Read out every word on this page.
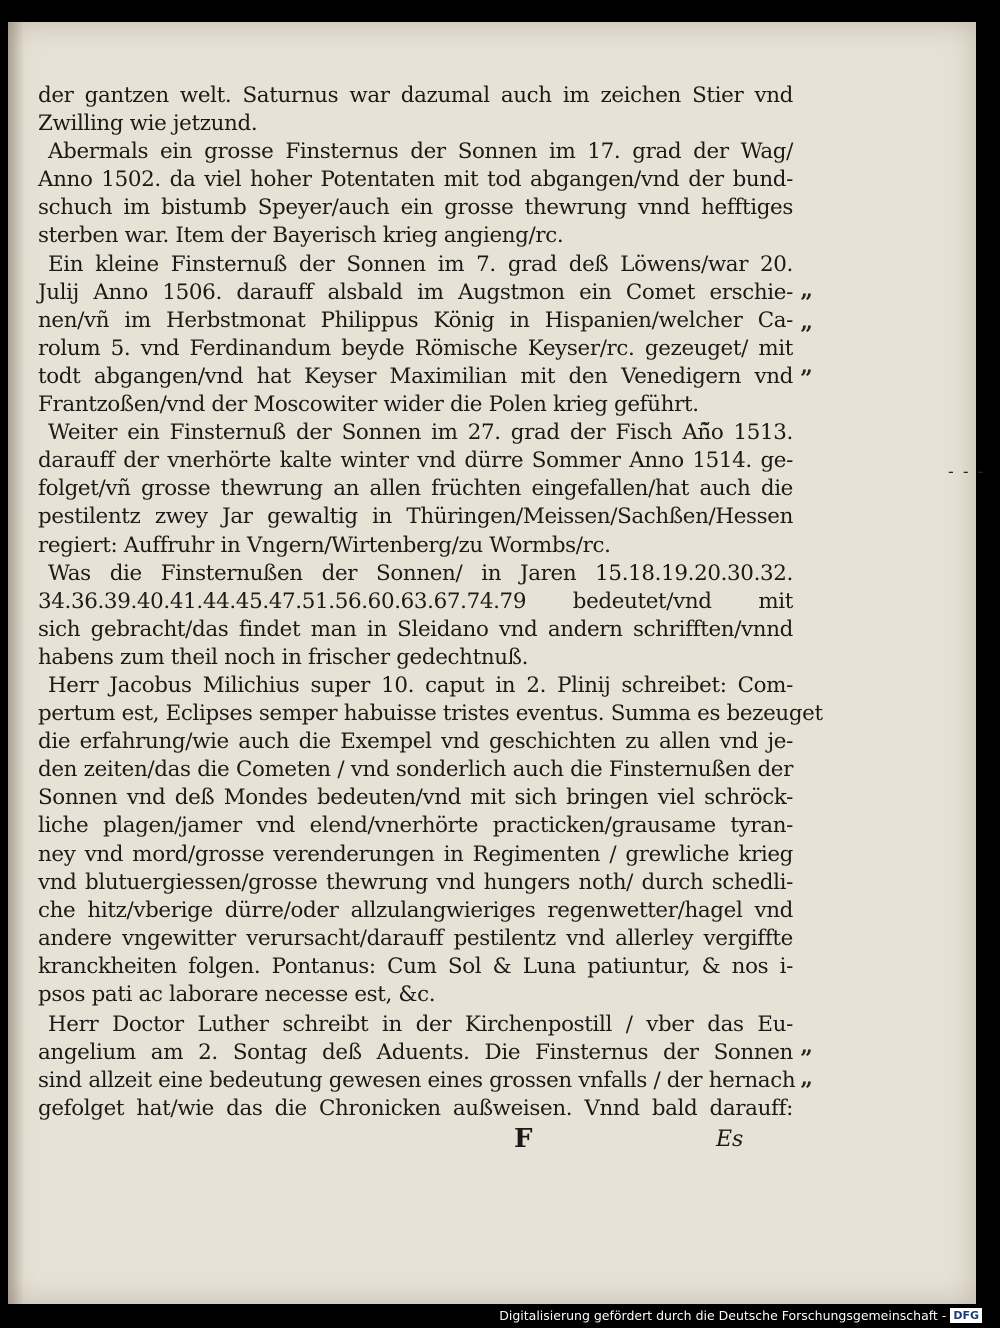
der gantzen welt. Saturnus war dazumal auch im zeichen Stier vnd
Zwilling wie jetzund.
Abermals ein grosse Finsternus der Sonnen im 17. grad der Wag/
Anno 1502. da viel hoher Potentaten mit tod abgangen/vnd der bund-
schuch im bistumb Speyer/auch ein grosse thewrung vnnd hefftiges
sterben war. Item der Bayerisch krieg angieng/rc.
Ein kleine Finsternuß der Sonnen im 7. grad deß Löwens/war 20.
Julij Anno 1506. darauff alsbald im Augstmon ein Comet erschie-
nen/vñ im Herbstmonat Philippus König in Hispanien/welcher Ca-
rolum 5. vnd Ferdinandum beyde Römische Keyser/rc. gezeuget/ mit
todt abgangen/vnd hat Keyser Maximilian mit den Venedigern vnd
Frantzoßen/vnd der Moscowiter wider die Polen krieg geführt.
Weiter ein Finsternuß der Sonnen im 27. grad der Fisch Añ̃o 1513.
darauff der vnerhörte kalte winter vnd dürre Sommer Anno 1514. ge-
folget/vñ grosse thewrung an allen früchten eingefallen/hat auch die
pestilentz zwey Jar gewaltig in Thüringen/Meissen/Sachßen/Hessen
regiert: Auffruhr in Vngern/Wirtenberg/zu Wormbs/rc.
Was die Finsternußen der Sonnen/ in Jaren 15.18.19.20.30.32.
34.36.39.40.41.44.45.47.51.56.60.63.67.74.79 bedeutet/vnd mit
sich gebracht/das findet man in Sleidano vnd andern schrifften/vnnd
habens zum theil noch in frischer gedechtnuß.
Herr Jacobus Milichius super 10. caput in 2. Plinij schreibet: Com-
pertum est, Eclipses semper habuisse tristes eventus. Summa es bezeuget
die erfahrung/wie auch die Exempel vnd geschichten zu allen vnd je-
den zeiten/das die Cometen / vnd sonderlich auch die Finsternußen der
Sonnen vnd deß Mondes bedeuten/vnd mit sich bringen viel schröck-
liche plagen/jamer vnd elend/vnerhörte practicken/grausame tyran-
ney vnd mord/grosse verenderungen in Regimenten / grewliche krieg
vnd blutuergiessen/grosse thewrung vnd hungers noth/ durch schedli-
che hitz/vberige dürre/oder allzulangwieriges regenwetter/hagel vnd
andere vngewitter verursacht/darauff pestilentz vnd allerley vergiffte
kranckheiten folgen. Pontanus: Cum Sol & Luna patiuntur, & nos i-
psos pati ac laborare necesse est, &c.
Herr Doctor Luther schreibt in der Kirchenpostill / vber das Eu-
angelium am 2. Sontag deß Aduents. Die Finsternus der Sonnen
sind allzeit eine bedeutung gewesen eines grossen vnfalls / der hernach
gefolget hat/wie das die Chronicken außweisen. Vnnd bald darauff:
”
”
”
”
”
- - -
F	Es
Digitalisierung gefördert durch die Deutsche Forschungsgemeinschaft - DFG
